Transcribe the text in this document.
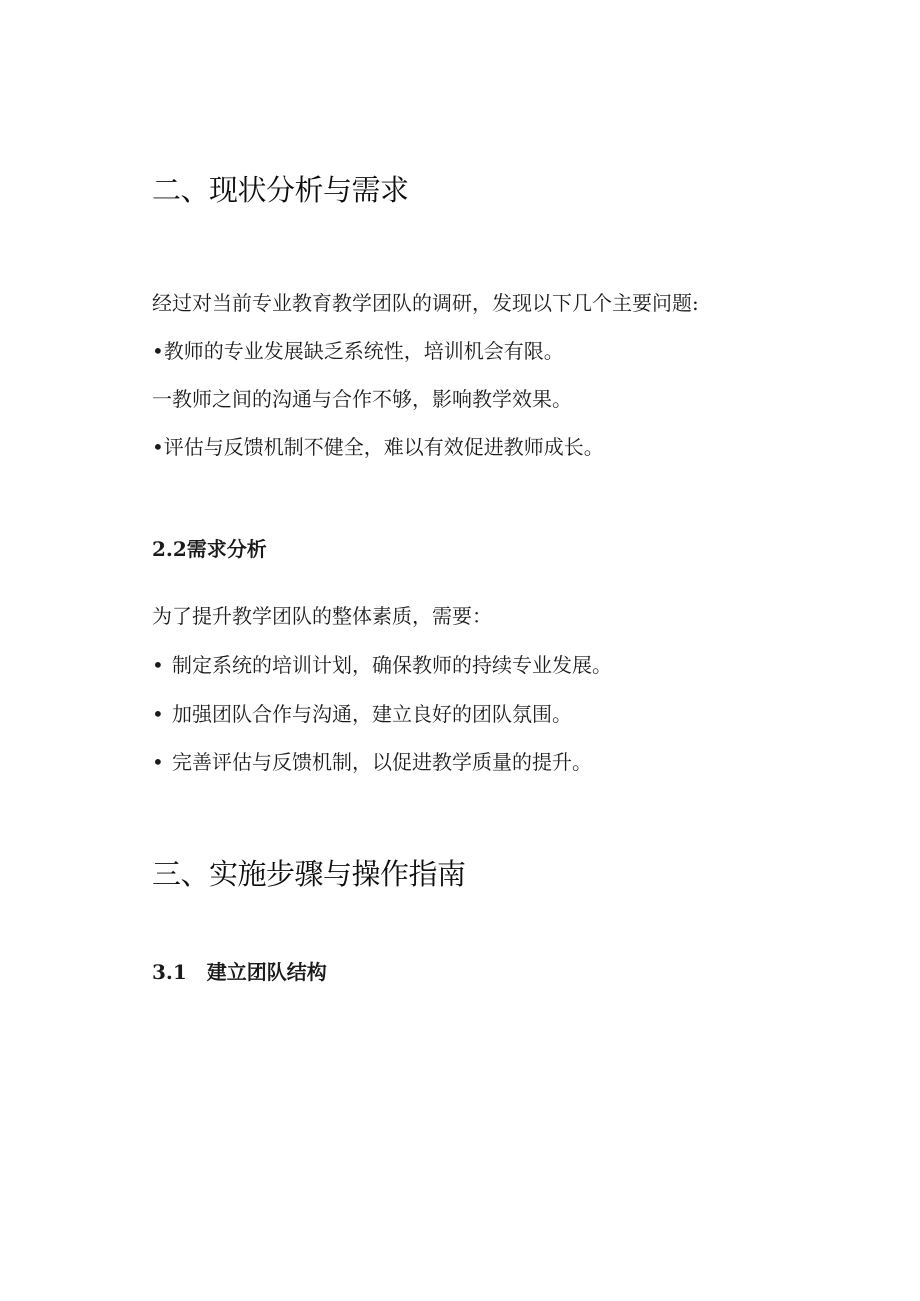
二、现状分析与需求

经过对当前专业教育教学团队的调研，发现以下几个主要问题:

•教师的专业发展缺乏系统性，培训机会有限。
一教师之间的沟通与合作不够，影响教学效果。
•评估与反馈机制不健全，难以有效促进教师成长。
2.2需求分析

为了提升教学团队的整体素质，需要：

• 制定系统的培训计划，确保教师的持续专业发展。
• 加强团队合作与沟通，建立良好的团队氛围。
• 完善评估与反馈机制，以促进教学质量的提升。
三、实施步骤与操作指南
3.1 建立团队结构
